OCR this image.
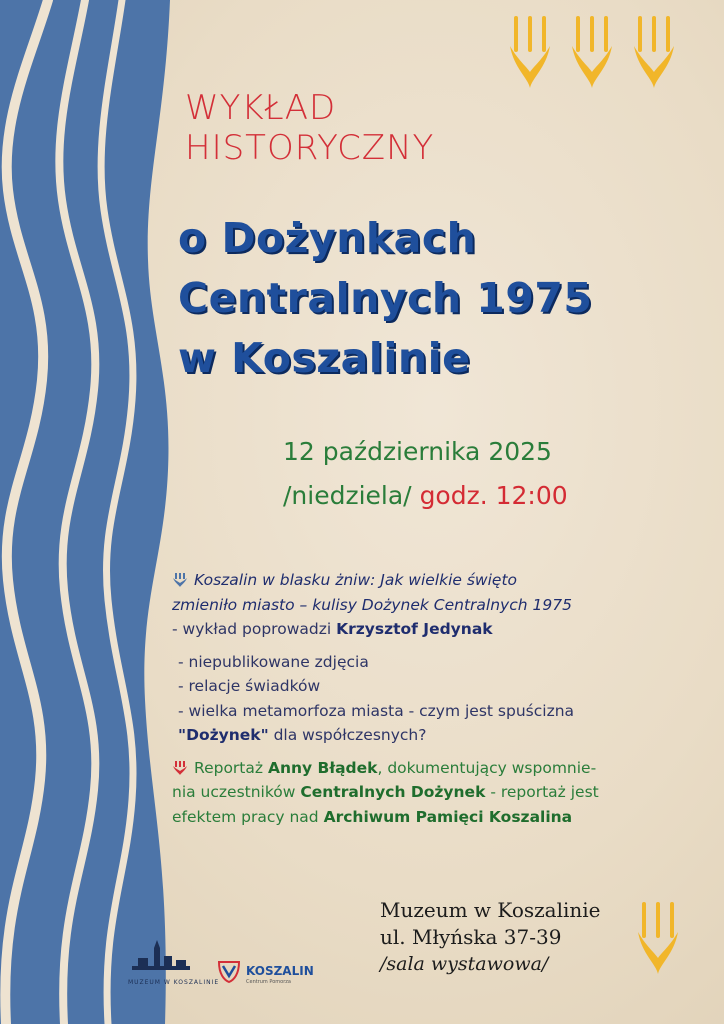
WYKŁAD
HISTORYCZNY
o Dożynkach
Centralnych 1975
w Koszalinie
12 października 2025
/niedziela/ godz. 12:00
Koszalin w blasku żniw: Jak wielkie święto
zmieniło miasto – kulisy Dożynek Centralnych 1975
- wykład poprowadzi Krzysztof Jedynak
- niepublikowane zdjęcia
- relacje świadków
- wielka metamorfoza miasta - czym jest spuścizna
"Dożynek" dla współczesnych?
Reportaż Anny Błądek, dokumentujący wspomnie-
nia uczestników Centralnych Dożynek - reportaż jest
efektem pracy nad Archiwum Pamięci Koszalina
Muzeum w Koszalinie
ul. Młyńska 37-39
/sala wystawowa/
MUZEUM W KOSZALINIE
KOSZALIN
Centrum Pomorza
